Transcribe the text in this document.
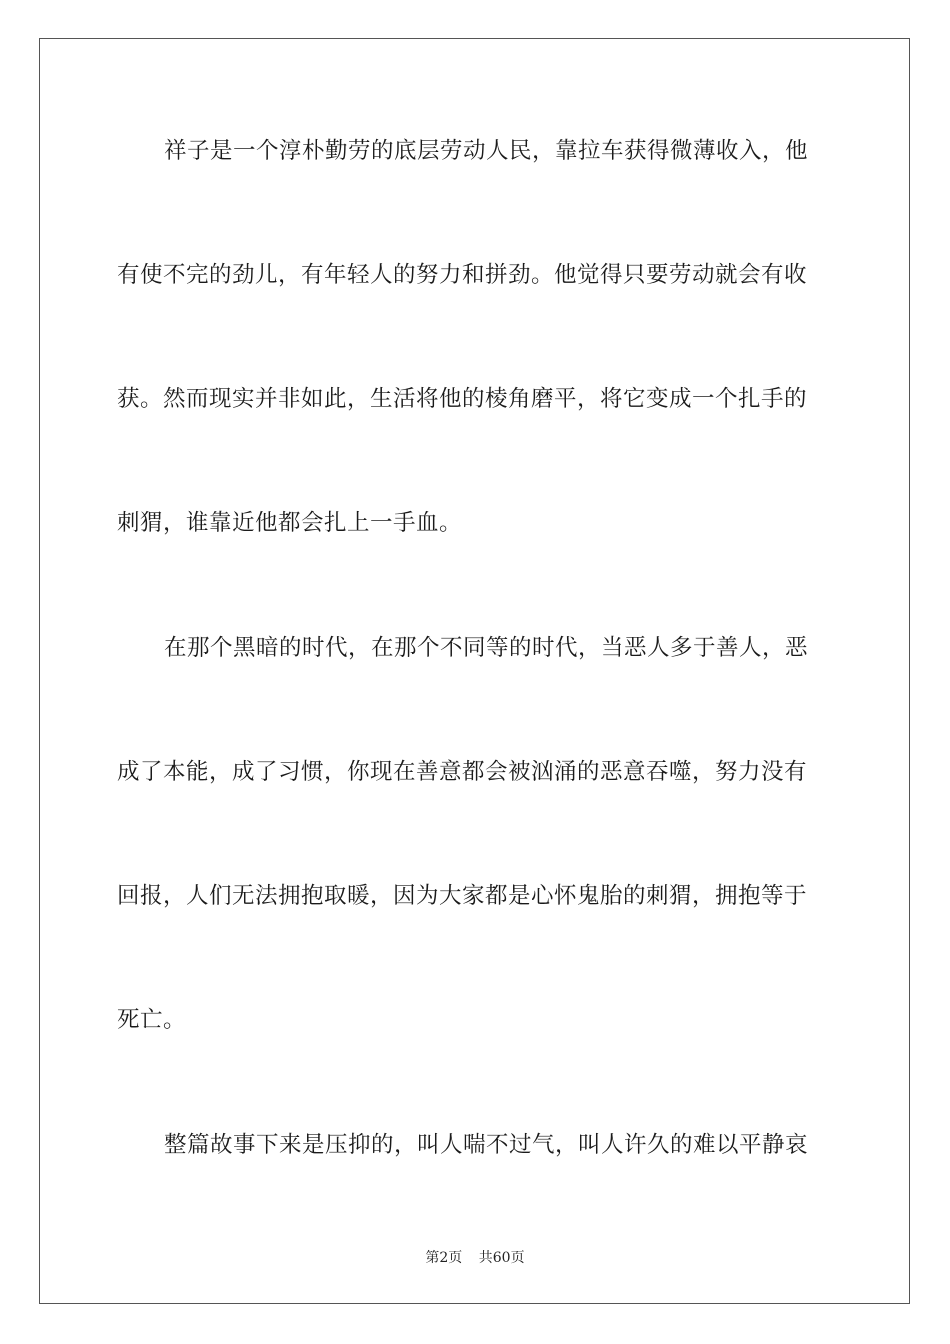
祥子是一个淳朴勤劳的底层劳动人民，靠拉车获得微薄收入，他
有使不完的劲儿，有年轻人的努力和拼劲。他觉得只要劳动就会有收
获。然而现实并非如此，生活将他的棱角磨平，将它变成一个扎手的
刺猬，谁靠近他都会扎上一手血。
在那个黑暗的时代，在那个不同等的时代，当恶人多于善人，恶
成了本能，成了习惯，你现在善意都会被汹涌的恶意吞噬，努力没有
回报，人们无法拥抱取暖，因为大家都是心怀鬼胎的刺猬，拥抱等于
死亡。
整篇故事下来是压抑的，叫人喘不过气，叫人许久的难以平静哀
第2页 共60页
